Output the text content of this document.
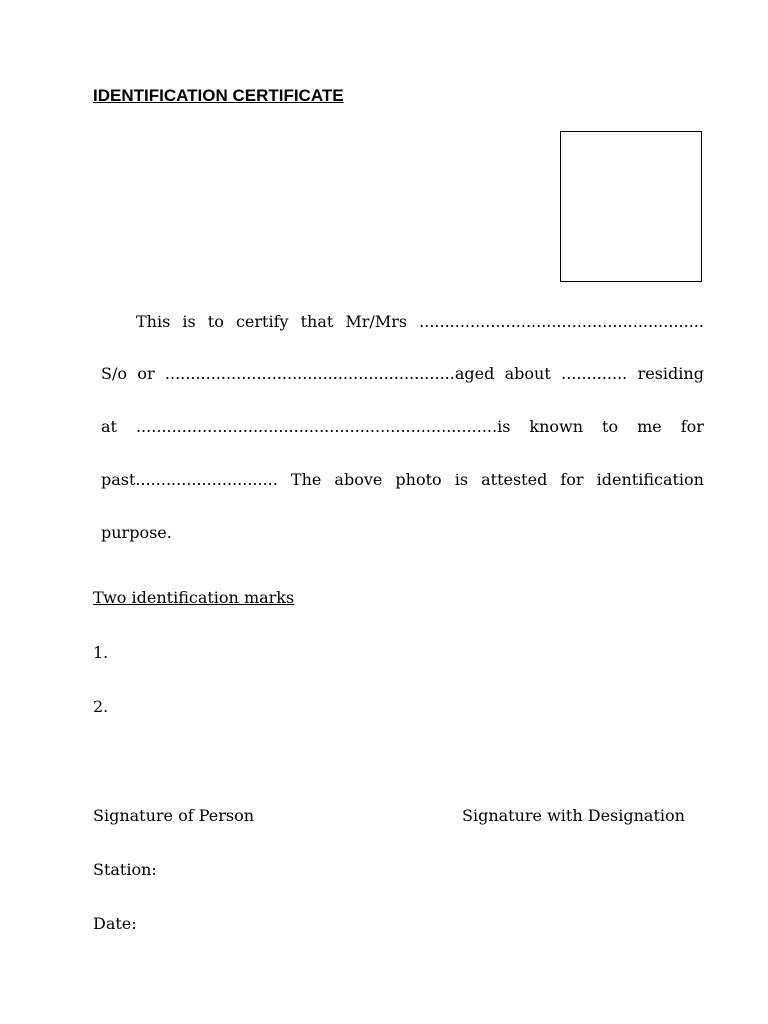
IDENTIFICATION CERTIFICATE
This is to certify that Mr/Mrs ........................................................
S/o or .........................................................aged about ............. residing
at .......................................................................is known to me for
past............................ The above photo is attested for identification
purpose.
Two identification marks
1.
2.
Signature of Person	Signature with Designation
Station:
Date:
